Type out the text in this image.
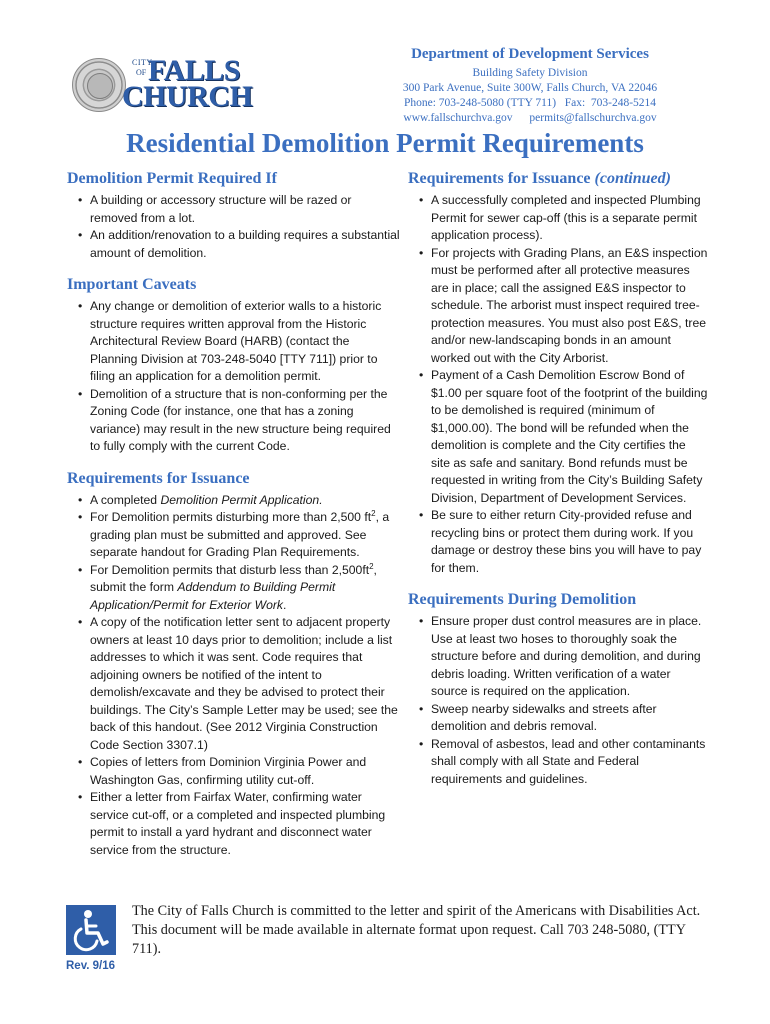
CITY
OF FALLS
CHURCH
Department of Development Services
Building Safety Division
300 Park Avenue, Suite 300W, Falls Church, VA 22046
Phone: 703-248-5080 (TTY 711)   Fax:  703-248-5214
www.fallschurchva.gov permits@fallschurchva.gov
Residential Demolition Permit Requirements
Demolition Permit Required If
• A building or accessory structure will be razed or removed from a lot.
• An addition/renovation to a building requires a substantial amount of demolition.
Important Caveats
• Any change or demolition of exterior walls to a historic structure requires written approval from the Historic Architectural Review Board (HARB) (contact the Planning Division at 703-248-5040 [TTY 711]) prior to filing an application for a demolition permit.
• Demolition of a structure that is non-conforming per the Zoning Code (for instance, one that has a zoning variance) may result in the new structure being required to fully comply with the current Code.
Requirements for Issuance
• A completed Demolition Permit Application.
• For Demolition permits disturbing more than 2,500 $ft^2$, a grading plan must be submitted and approved. See separate handout for Grading Plan Requirements.
• For Demolition permits that disturb less than $2,500ft^2$, submit the form Addendum to Building Permit Application/Permit for Exterior Work.
• A copy of the notification letter sent to adjacent property owners at least 10 days prior to demolition; include a list addresses to which it was sent. Code requires that adjoining owners be notified of the intent to demolish/excavate and they be advised to protect their buildings. The City’s Sample Letter may be used; see the back of this handout. (See 2012 Virginia Construction Code Section 3307.1)
• Copies of letters from Dominion Virginia Power and Washington Gas, confirming utility cut-off.
• Either a letter from Fairfax Water, confirming water service cut-off, or a completed and inspected plumbing permit to install a yard hydrant and disconnect water service from the structure.
Requirements for Issuance (continued)
• A successfully completed and inspected Plumbing Permit for sewer cap-off (this is a separate permit application process).
• For projects with Grading Plans, an E&S inspection must be performed after all protective measures are in place; call the assigned E&S inspector to schedule. The arborist must inspect required tree-protection measures. You must also post E&S, tree and/or new-landscaping bonds in an amount worked out with the City Arborist.
• Payment of a Cash Demolition Escrow Bond of $1.00 per square foot of the footprint of the building to be demolished is required (minimum of $1,000.00). The bond will be refunded when the demolition is complete and the City certifies the site as safe and sanitary. Bond refunds must be requested in writing from the City’s Building Safety Division, Department of Development Services.
• Be sure to either return City-provided refuse and recycling bins or protect them during work. If you damage or destroy these bins you will have to pay for them.
Requirements During Demolition
• Ensure proper dust control measures are in place. Use at least two hoses to thoroughly soak the structure before and during demolition, and during debris loading. Written verification of a water source is required on the application.
• Sweep nearby sidewalks and streets after demolition and debris removal.
• Removal of asbestos, lead and other contaminants shall comply with all State and Federal requirements and guidelines.
The City of Falls Church is committed to the letter and spirit of the Americans with Disabilities Act. This document will be made available in alternate format upon request. Call 703 248-5080, (TTY 711).
Rev. 9/16
